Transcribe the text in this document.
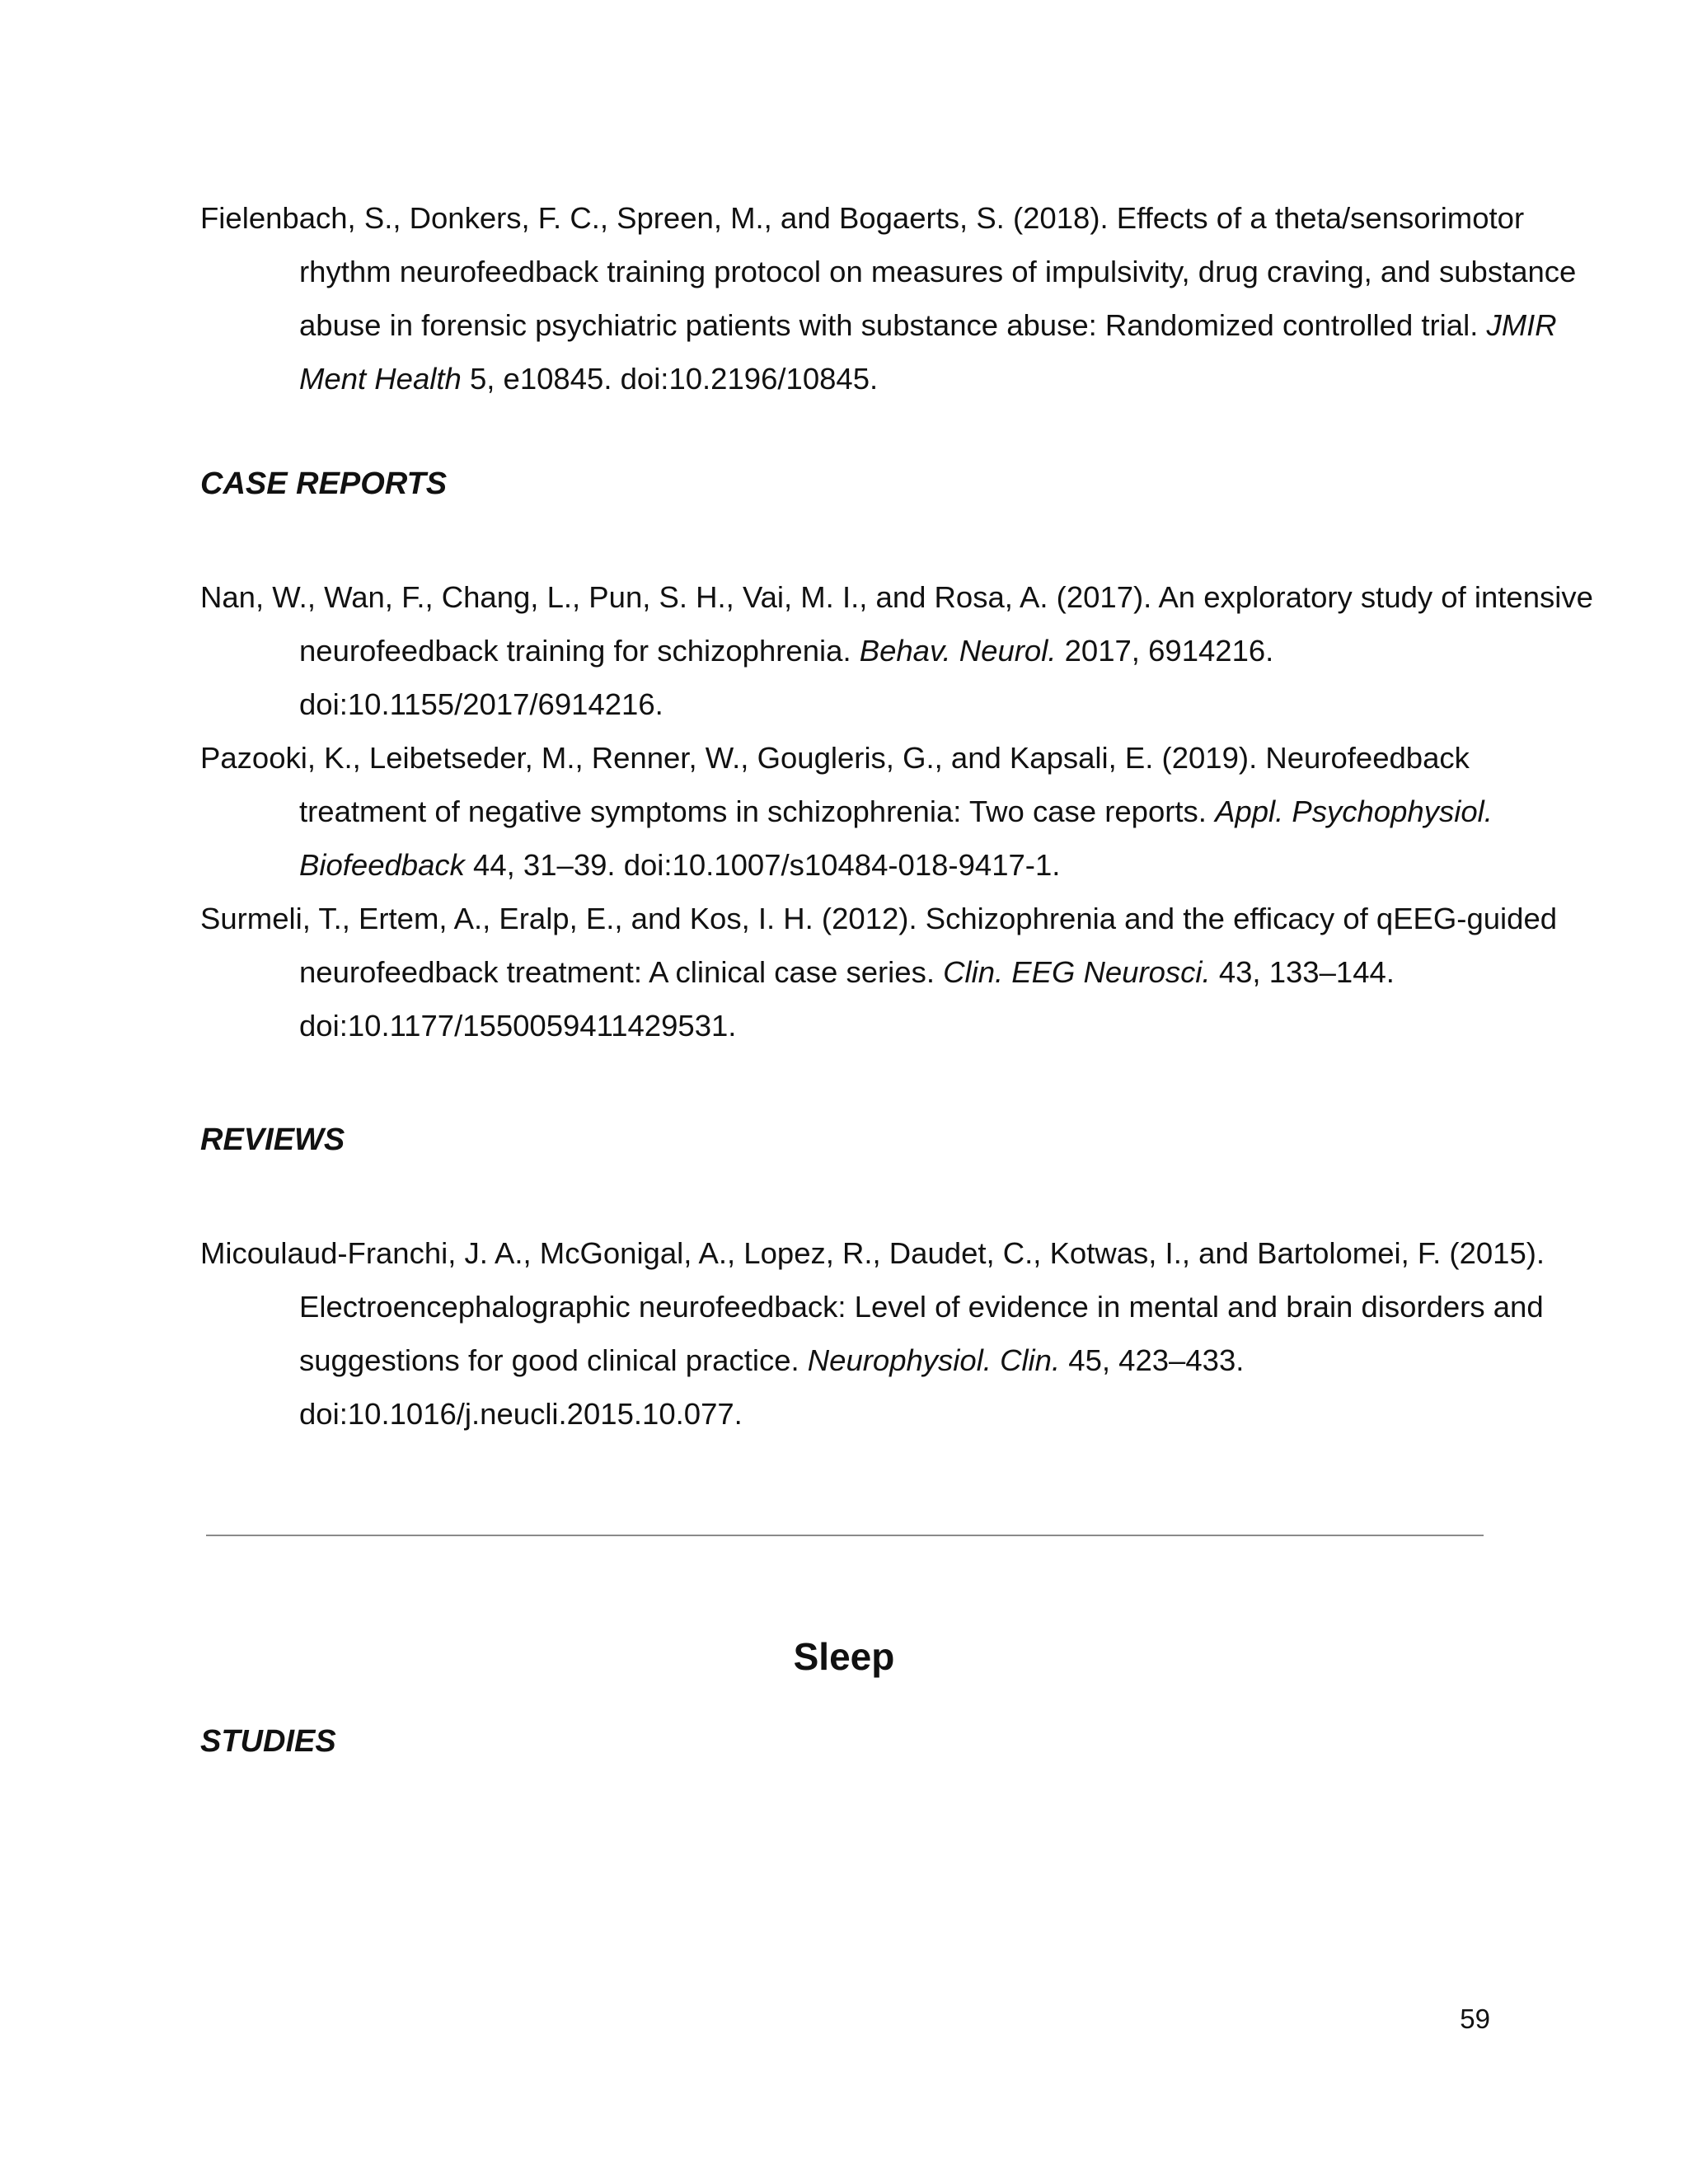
Fielenbach, S., Donkers, F. C., Spreen, M., and Bogaerts, S. (2018). Effects of a theta/sensorimotor rhythm neurofeedback training protocol on measures of impulsivity, drug craving, and substance abuse in forensic psychiatric patients with substance abuse: Randomized controlled trial. JMIR Ment Health 5, e10845. doi:10.2196/10845.

CASE REPORTS

Nan, W., Wan, F., Chang, L., Pun, S. H., Vai, M. I., and Rosa, A. (2017). An exploratory study of intensive neurofeedback training for schizophrenia. Behav. Neurol. 2017, 6914216. doi:10.1155/2017/6914216.

Pazooki, K., Leibetseder, M., Renner, W., Gougleris, G., and Kapsali, E. (2019). Neurofeedback treatment of negative symptoms in schizophrenia: Two case reports. Appl. Psychophysiol. Biofeedback 44, 31–39. doi:10.1007/s10484-018-9417-1.

Surmeli, T., Ertem, A., Eralp, E., and Kos, I. H. (2012). Schizophrenia and the efficacy of qEEG-guided neurofeedback treatment: A clinical case series. Clin. EEG Neurosci. 43, 133–144. doi:10.1177/1550059411429531.

REVIEWS

Micoulaud-Franchi, J. A., McGonigal, A., Lopez, R., Daudet, C., Kotwas, I., and Bartolomei, F. (2015). Electroencephalographic neurofeedback: Level of evidence in mental and brain disorders and suggestions for good clinical practice. Neurophysiol. Clin. 45, 423–433. doi:10.1016/j.neucli.2015.10.077.

Sleep
STUDIES

59
